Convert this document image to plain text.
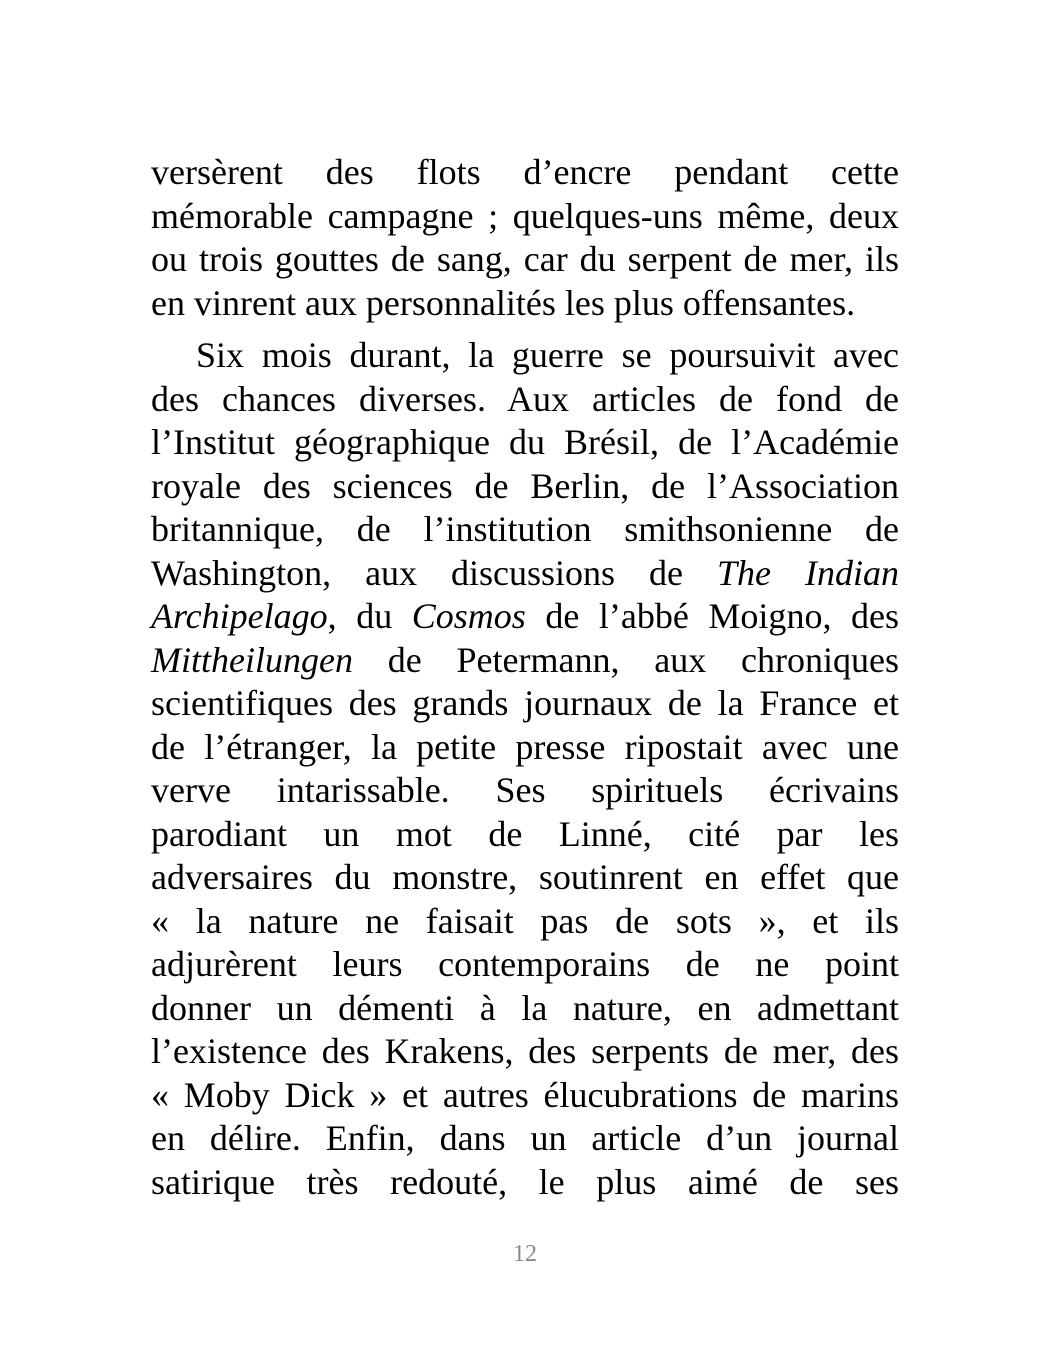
versèrent des flots d’encre pendant cette
mémorable campagne ; quelques-uns même, deux
ou trois gouttes de sang, car du serpent de mer, ils
en vinrent aux personnalités les plus offensantes.
Six mois durant, la guerre se poursuivit avec
des chances diverses. Aux articles de fond de
l’Institut géographique du Brésil, de l’Académie
royale des sciences de Berlin, de l’Association
britannique, de l’institution smithsonienne de
Washington, aux discussions de The Indian
Archipelago, du Cosmos de l’abbé Moigno, des
Mittheilungen de Petermann, aux chroniques
scientifiques des grands journaux de la France et
de l’étranger, la petite presse ripostait avec une
verve intarissable. Ses spirituels écrivains
parodiant un mot de Linné, cité par les
adversaires du monstre, soutinrent en effet que
« la nature ne faisait pas de sots », et ils
adjurèrent leurs contemporains de ne point
donner un démenti à la nature, en admettant
l’existence des Krakens, des serpents de mer, des
« Moby Dick » et autres élucubrations de marins
en délire. Enfin, dans un article d’un journal
satirique très redouté, le plus aimé de ses
12
